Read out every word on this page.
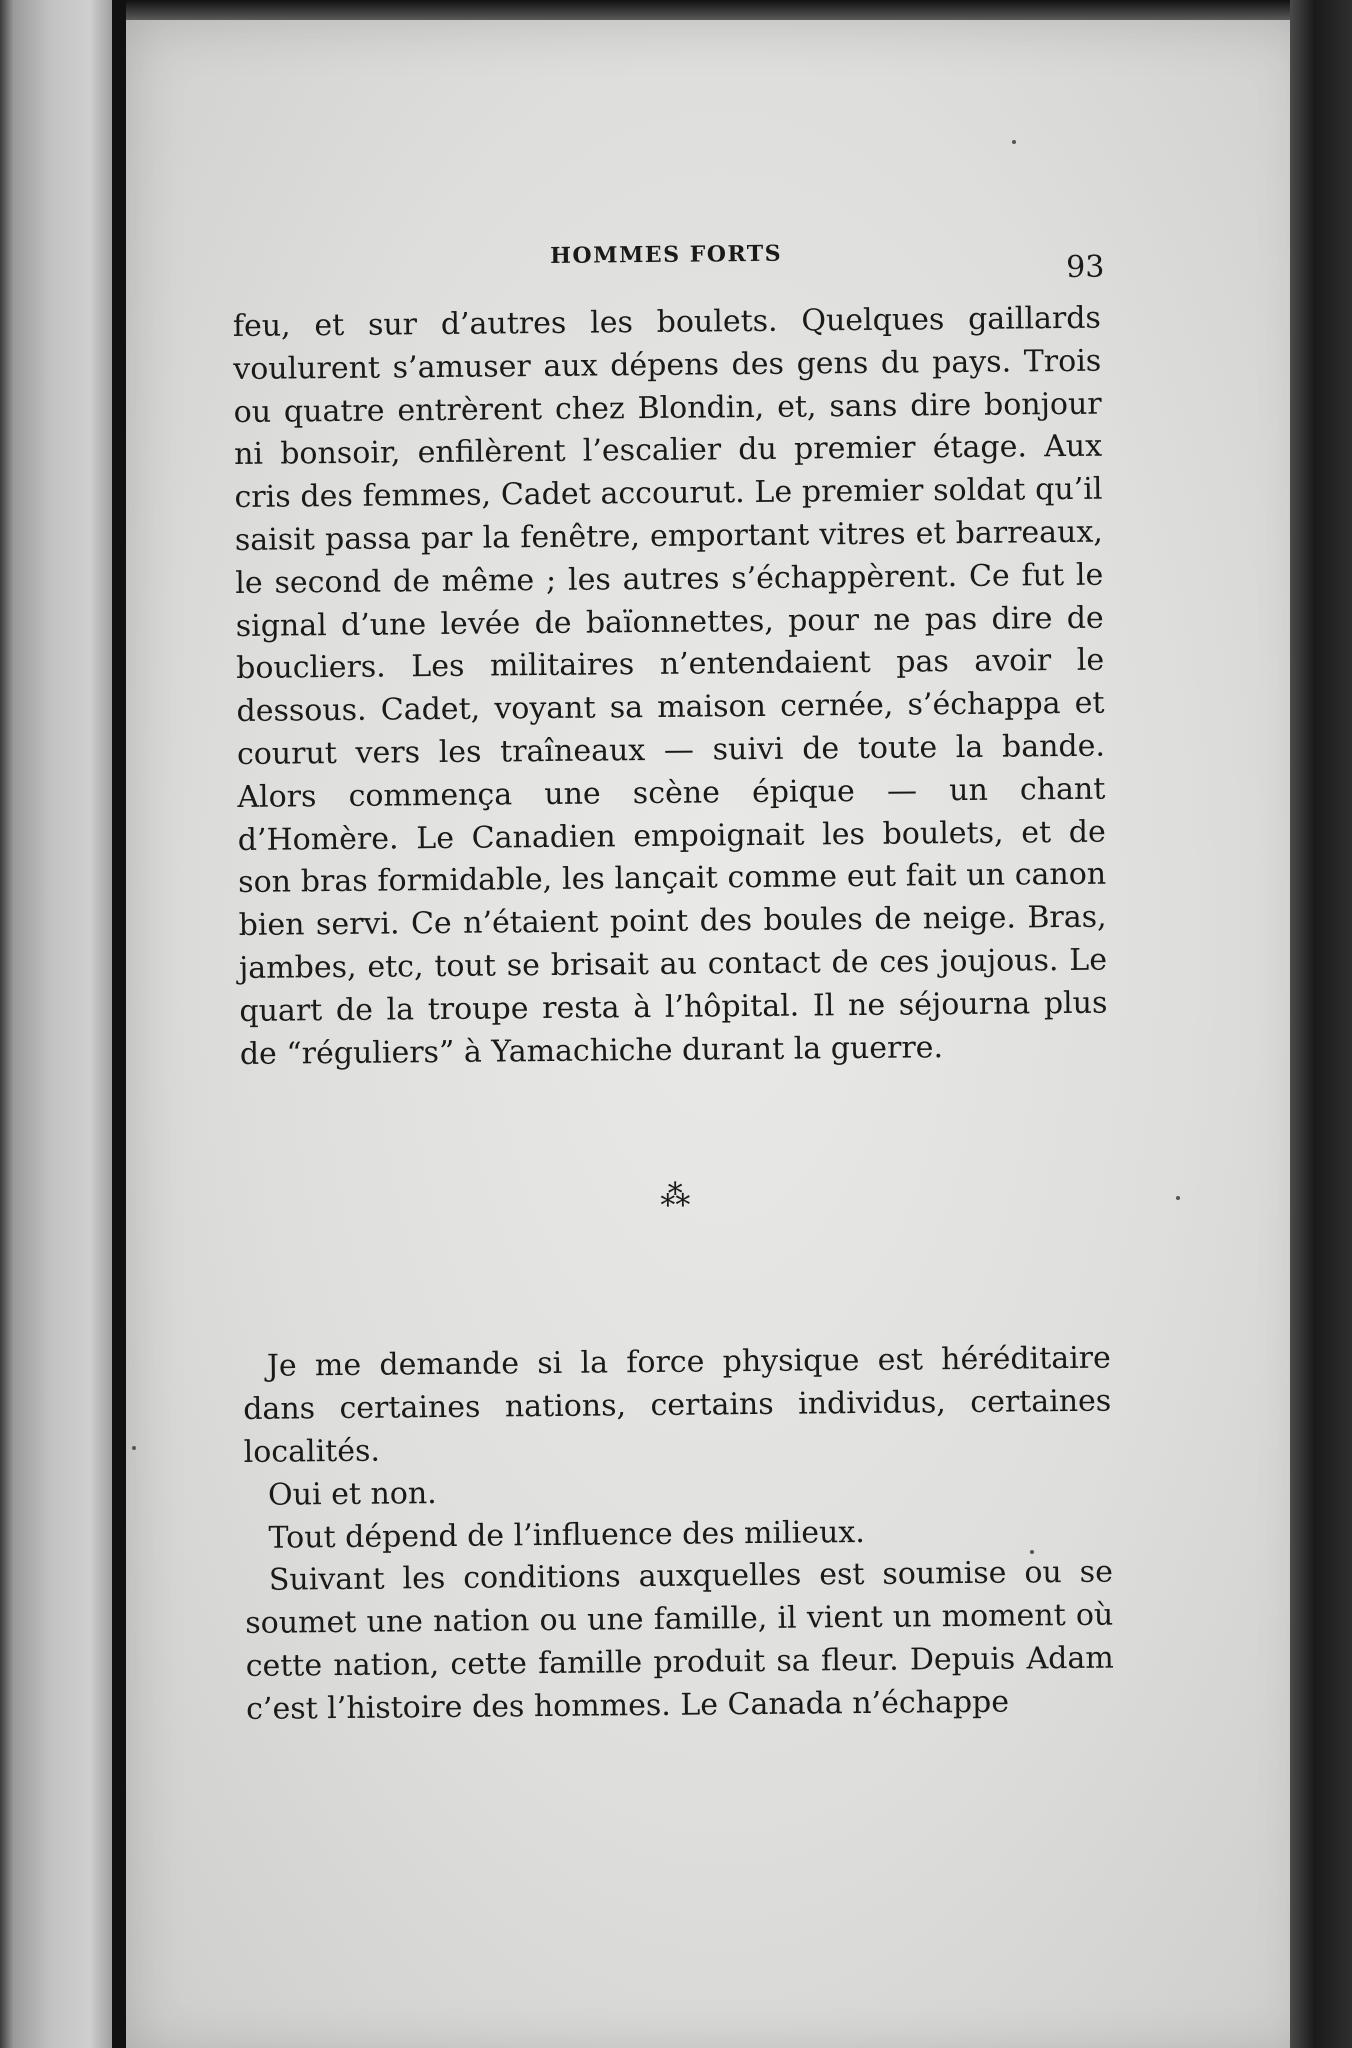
HOMMES FORTS	93

feu, et sur d’autres les boulets. Quelques gaillards voulurent s’amuser aux dépens des gens du pays. Trois ou quatre entrèrent chez Blondin, et, sans dire bonjour ni bonsoir, enfilèrent l’escalier du premier étage. Aux cris des femmes, Cadet accourut. Le premier soldat qu’il saisit passa par la fenêtre, emportant vitres et barreaux, le second de même ; les autres s’échappèrent. Ce fut le signal d’une levée de baïonnettes, pour ne pas dire de boucliers. Les militaires n’entendaient pas avoir le dessous. Cadet, voyant sa maison cernée, s’échappa et courut vers les traîneaux — suivi de toute la bande. Alors commença une scène épique — un chant d’Homère. Le Canadien empoignait les boulets, et de son bras formidable, les lançait comme eut fait un canon bien servi. Ce n’étaient point des boules de neige. Bras, jambes, etc, tout se brisait au contact de ces joujous. Le quart de la troupe resta à l’hôpital. Il ne séjourna plus de “réguliers” à Yamachiche durant la guerre.

⁂

Je me demande si la force physique est héréditaire dans certaines nations, certains individus, certaines localités.

Oui et non.

Tout dépend de l’influence des milieux.

Suivant les conditions auxquelles est soumise ou se soumet une nation ou une famille, il vient un moment où cette nation, cette famille produit sa fleur. Depuis Adam c’est l’histoire des hommes. Le Canada n’échappe
